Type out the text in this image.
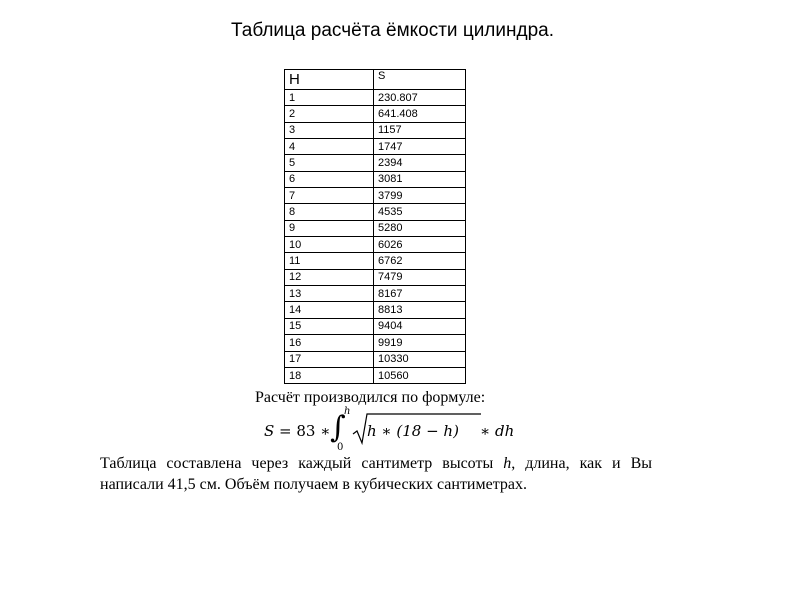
Таблица расчёта ёмкости цилиндра.
H	S
1	230.807
2	641.408
3	1157
4	1747
5	2394
6	3081
7	3799
8	4535
9	5280
10	6026
11	6762
12	7479
13	8167
14	8813
15	9404
16	9919
17	10330
18	10560
Расчёт производился по формуле:
S = 83 ∗ ∫
h
0
h ∗ (18 − h) ∗ dh
Таблица составлена через каждый сантиметр высоты h, длина, как и Вы написали 41,5 см. Объём получаем в кубических сантиметрах.
